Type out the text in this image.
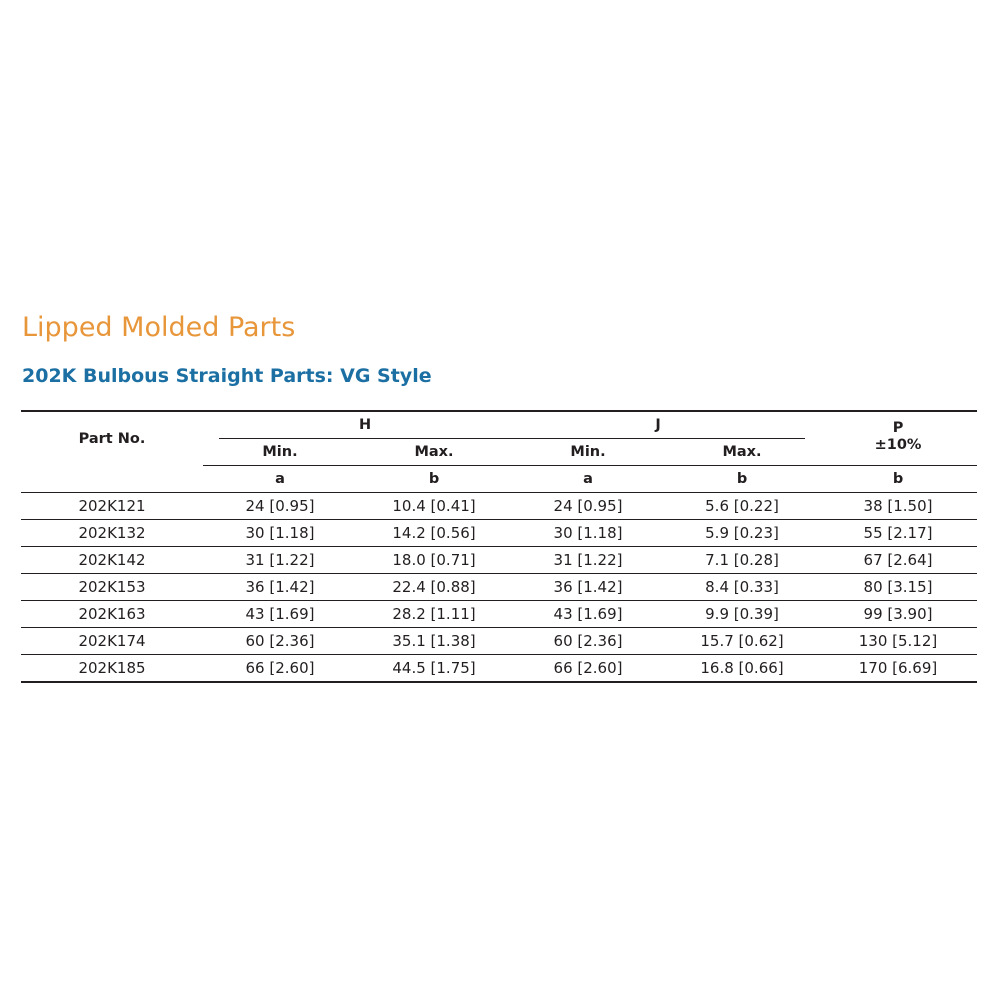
Lipped Molded Parts
202K Bulbous Straight Parts: VG Style
Part No.	H		J		P
±10%

	Min.	Max.	Min.	Max.	
	a	b	a	b	b
202K121	24 [0.95]	10.4 [0.41]	24 [0.95]	5.6 [0.22]	38 [1.50]
202K132	30 [1.18]	14.2 [0.56]	30 [1.18]	5.9 [0.23]	55 [2.17]
202K142	31 [1.22]	18.0 [0.71]	31 [1.22]	7.1 [0.28]	67 [2.64]
202K153	36 [1.42]	22.4 [0.88]	36 [1.42]	8.4 [0.33]	80 [3.15]
202K163	43 [1.69]	28.2 [1.11]	43 [1.69]	9.9 [0.39]	99 [3.90]
202K174	60 [2.36]	35.1 [1.38]	60 [2.36]	15.7 [0.62]	130 [5.12]
202K185	66 [2.60]	44.5 [1.75]	66 [2.60]	16.8 [0.66]	170 [6.69]
